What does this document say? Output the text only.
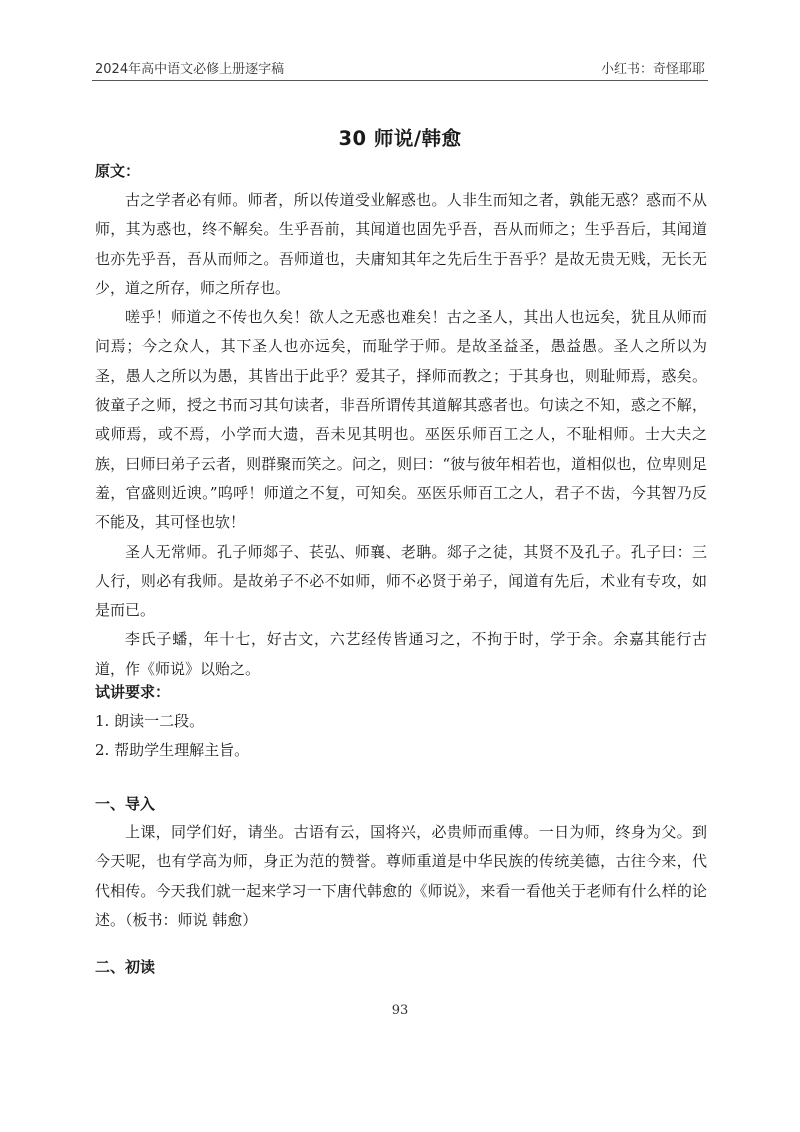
2024年高中语文必修上册逐字稿	小红书：奇怪耶耶
30 师说/韩愈
原文：

古之学者必有师。师者，所以传道受业解惑也。人非生而知之者，孰能无惑？惑而不从师，其为惑也，终不解矣。生乎吾前，其闻道也固先乎吾，吾从而师之；生乎吾后，其闻道也亦先乎吾，吾从而师之。吾师道也，夫庸知其年之先后生于吾乎？是故无贵无贱，无长无少，道之所存，师之所存也。

嗟乎！师道之不传也久矣！欲人之无惑也难矣！古之圣人，其出人也远矣，犹且从师而问焉；今之众人，其下圣人也亦远矣，而耻学于师。是故圣益圣，愚益愚。圣人之所以为圣，愚人之所以为愚，其皆出于此乎？爱其子，择师而教之；于其身也，则耻师焉，惑矣。彼童子之师，授之书而习其句读者，非吾所谓传其道解其惑者也。句读之不知，惑之不解，或师焉，或不焉，小学而大遗，吾未见其明也。巫医乐师百工之人，不耻相师。士大夫之族，曰师曰弟子云者，则群聚而笑之。问之，则曰：“彼与彼年相若也，道相似也，位卑则足羞，官盛则近谀。”呜呼！师道之不复，可知矣。巫医乐师百工之人，君子不齿，今其智乃反不能及，其可怪也欤！

圣人无常师。孔子师郯子、苌弘、师襄、老聃。郯子之徒，其贤不及孔子。孔子曰：三人行，则必有我师。是故弟子不必不如师，师不必贤于弟子，闻道有先后，术业有专攻，如是而已。

李氏子蟠，年十七，好古文，六艺经传皆通习之，不拘于时，学于余。余嘉其能行古道，作《师说》以贻之。

试讲要求：
1. 朗读一二段。
2. 帮助学生理解主旨。
一、导入

上课，同学们好，请坐。古语有云，国将兴，必贵师而重傅。一日为师，终身为父。到今天呢，也有学高为师，身正为范的赞誉。尊师重道是中华民族的传统美德，古往今来，代代相传。今天我们就一起来学习一下唐代韩愈的《师说》，来看一看他关于老师有什么样的论述。（板书：师说 韩愈）

二、初读
93
